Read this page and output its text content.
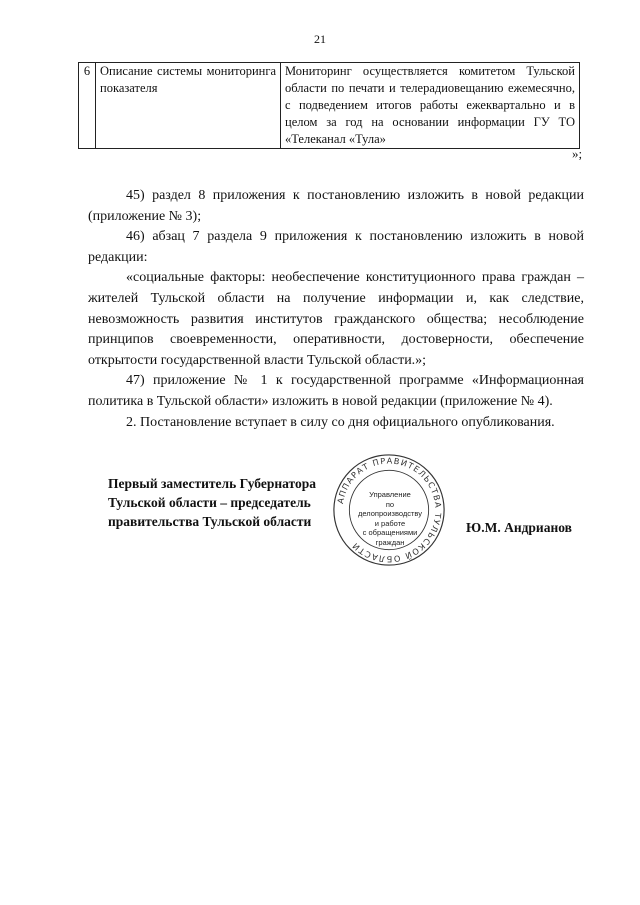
21
6	Описание системы мониторинга показателя	Мониторинг осуществляется комитетом Тульской области по печати и телерадиовещанию ежемесячно, с подведением итогов работы ежеквартально и в целом за год на основании информации ГУ ТО «Телеканал «Тула»
»;

45) раздел 8 приложения к постановлению изложить в новой редакции (приложение № 3);

46) абзац 7 раздела 9 приложения к постановлению изложить в новой редакции:

«социальные факторы: необеспечение конституционного права граждан – жителей Тульской области на получение информации и, как следствие, невозможность развития институтов гражданского общества; несоблюдение принципов своевременности, оперативности, достоверности, обеспечение открытости государственной власти Тульской области.»;

47) приложение № 1 к государственной программе «Информационная политика в Тульской области» изложить в новой редакции (приложение № 4).

2. Постановление вступает в силу со дня официального опубликования.

Первый заместитель Губернатора
Тульской области – председатель
правительства Тульской области	Ю.М. Андрианов
АППАРАТ ПРАВИТЕЛЬСТВА ТУЛЬСКОЙ ОБЛАСТИ
Управление
по делопроизводству
и работе
с обращениями
граждан
